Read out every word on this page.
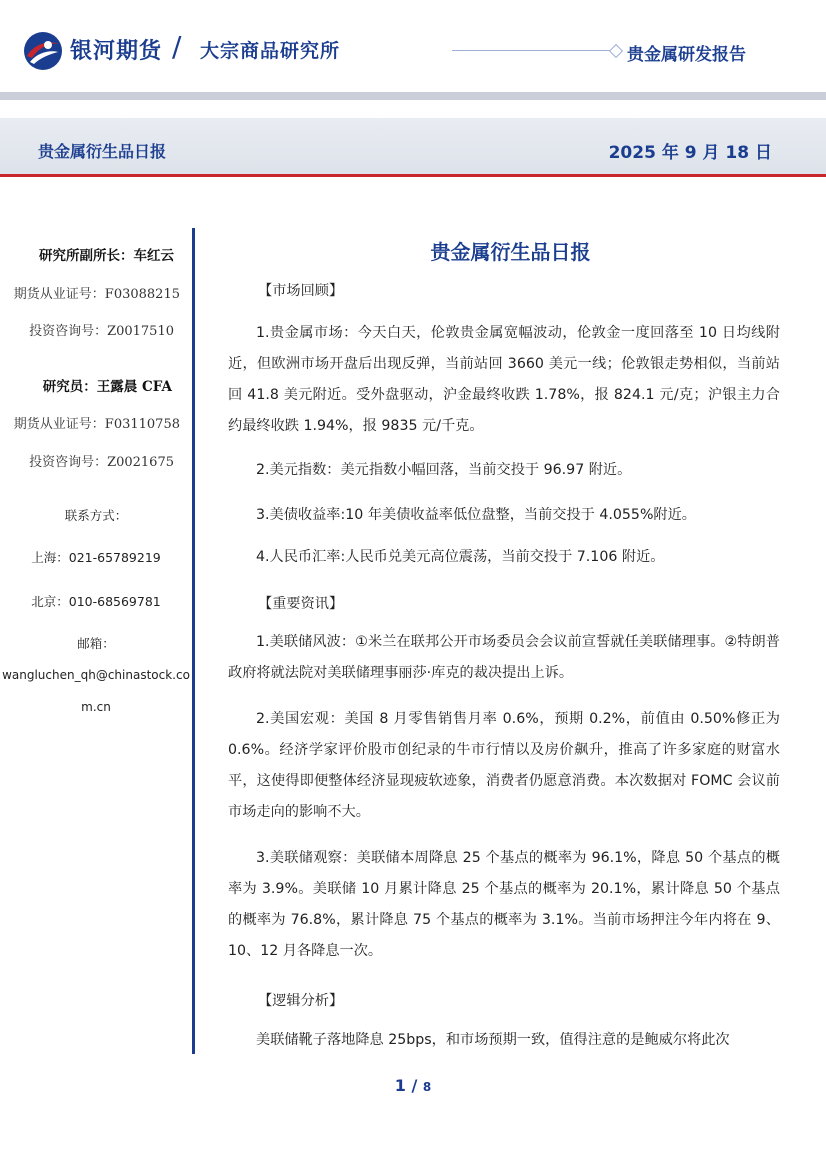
银河期货 / 大宗商品研究所	贵金属研发报告
贵金属衍生品日报	2025 年 9 月 18 日
研究所副所长：车红云
期货从业证号：F03088215
投资咨询号：Z0017510
研究员：王露晨 CFA
期货从业证号：F03110758
投资咨询号：Z0021675
联系方式：
上海：021-65789219
北京：010-68569781
邮箱：
wangluchen_qh@chinastock.co
m.cn
贵金属衍生品日报
【市场回顾】
1.贵金属市场：今天白天，伦敦贵金属宽幅波动，伦敦金一度回落至 10 日均线附近，但欧洲市场开盘后出现反弹，当前站回 3660 美元一线；伦敦银走势相似，当前站回 41.8 美元附近。受外盘驱动，沪金最终收跌 1.78%，报 824.1 元/克；沪银主力合约最终收跌 1.94%，报 9835 元/千克。
2.美元指数：美元指数小幅回落，当前交投于 96.97 附近。
3.美债收益率:10 年美债收益率低位盘整，当前交投于 4.055%附近。
4.人民币汇率:人民币兑美元高位震荡，当前交投于 7.106 附近。
【重要资讯】
1.美联储风波：①米兰在联邦公开市场委员会会议前宣誓就任美联储理事。②特朗普政府将就法院对美联储理事丽莎·库克的裁决提出上诉。
2.美国宏观：美国 8 月零售销售月率 0.6%，预期 0.2%，前值由 0.50%修正为 0.6%。经济学家评价股市创纪录的牛市行情以及房价飙升，推高了许多家庭的财富水平，这使得即便整体经济显现疲软迹象，消费者仍愿意消费。本次数据对 FOMC 会议前市场走向的影响不大。
3.美联储观察：美联储本周降息 25 个基点的概率为 96.1%，降息 50 个基点的概率为 3.9%。美联储 10 月累计降息 25 个基点的概率为 20.1%，累计降息 50 个基点的概率为 76.8%，累计降息 75 个基点的概率为 3.1%。当前市场押注今年内将在 9、10、12 月各降息一次。
【逻辑分析】
美联储靴子落地降息 25bps，和市场预期一致，值得注意的是鲍威尔将此次
1 / 8
